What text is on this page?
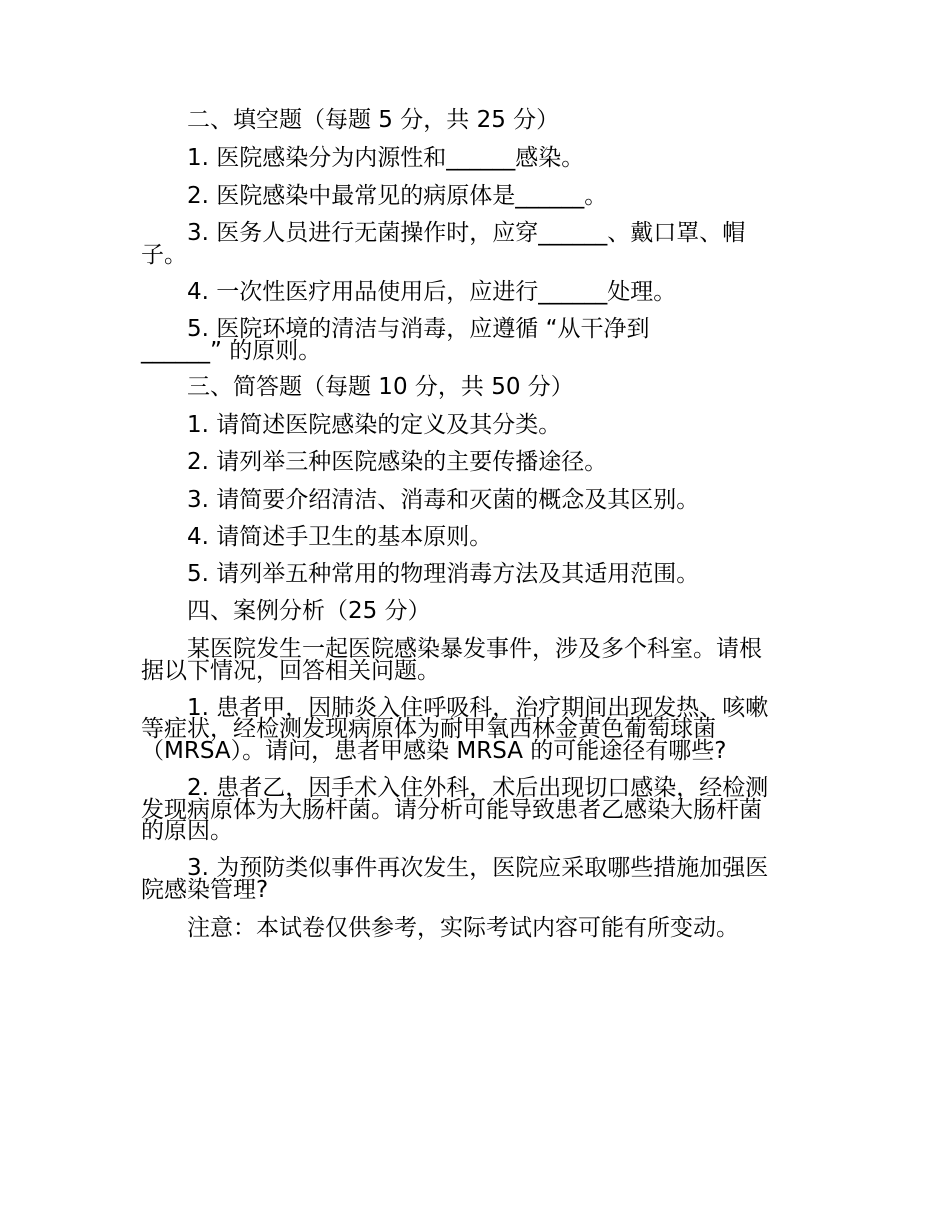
二、填空题（每题 5 分，共 25 分）
1. 医院感染分为内源性和______感染。
2. 医院感染中最常见的病原体是______。
3. 医务人员进行无菌操作时，应穿______、戴口罩、帽
子。
4. 一次性医疗用品使用后，应进行______处理。
5. 医院环境的清洁与消毒，应遵循 “从干净到
______” 的原则。
三、简答题（每题 10 分，共 50 分）
1. 请简述医院感染的定义及其分类。
2. 请列举三种医院感染的主要传播途径。
3. 请简要介绍清洁、消毒和灭菌的概念及其区别。
4. 请简述手卫生的基本原则。
5. 请列举五种常用的物理消毒方法及其适用范围。
四、案例分析（25 分）
某医院发生一起医院感染暴发事件，涉及多个科室。请根
据以下情况，回答相关问题。
1. 患者甲，因肺炎入住呼吸科，治疗期间出现发热、咳嗽
等症状，经检测发现病原体为耐甲氧西林金黄色葡萄球菌
（MRSA）。请问，患者甲感染 MRSA 的可能途径有哪些?
2. 患者乙，因手术入住外科，术后出现切口感染，经检测
发现病原体为大肠杆菌。请分析可能导致患者乙感染大肠杆菌
的原因。
3. 为预防类似事件再次发生，医院应采取哪些措施加强医
院感染管理?
注意：本试卷仅供参考，实际考试内容可能有所变动。
